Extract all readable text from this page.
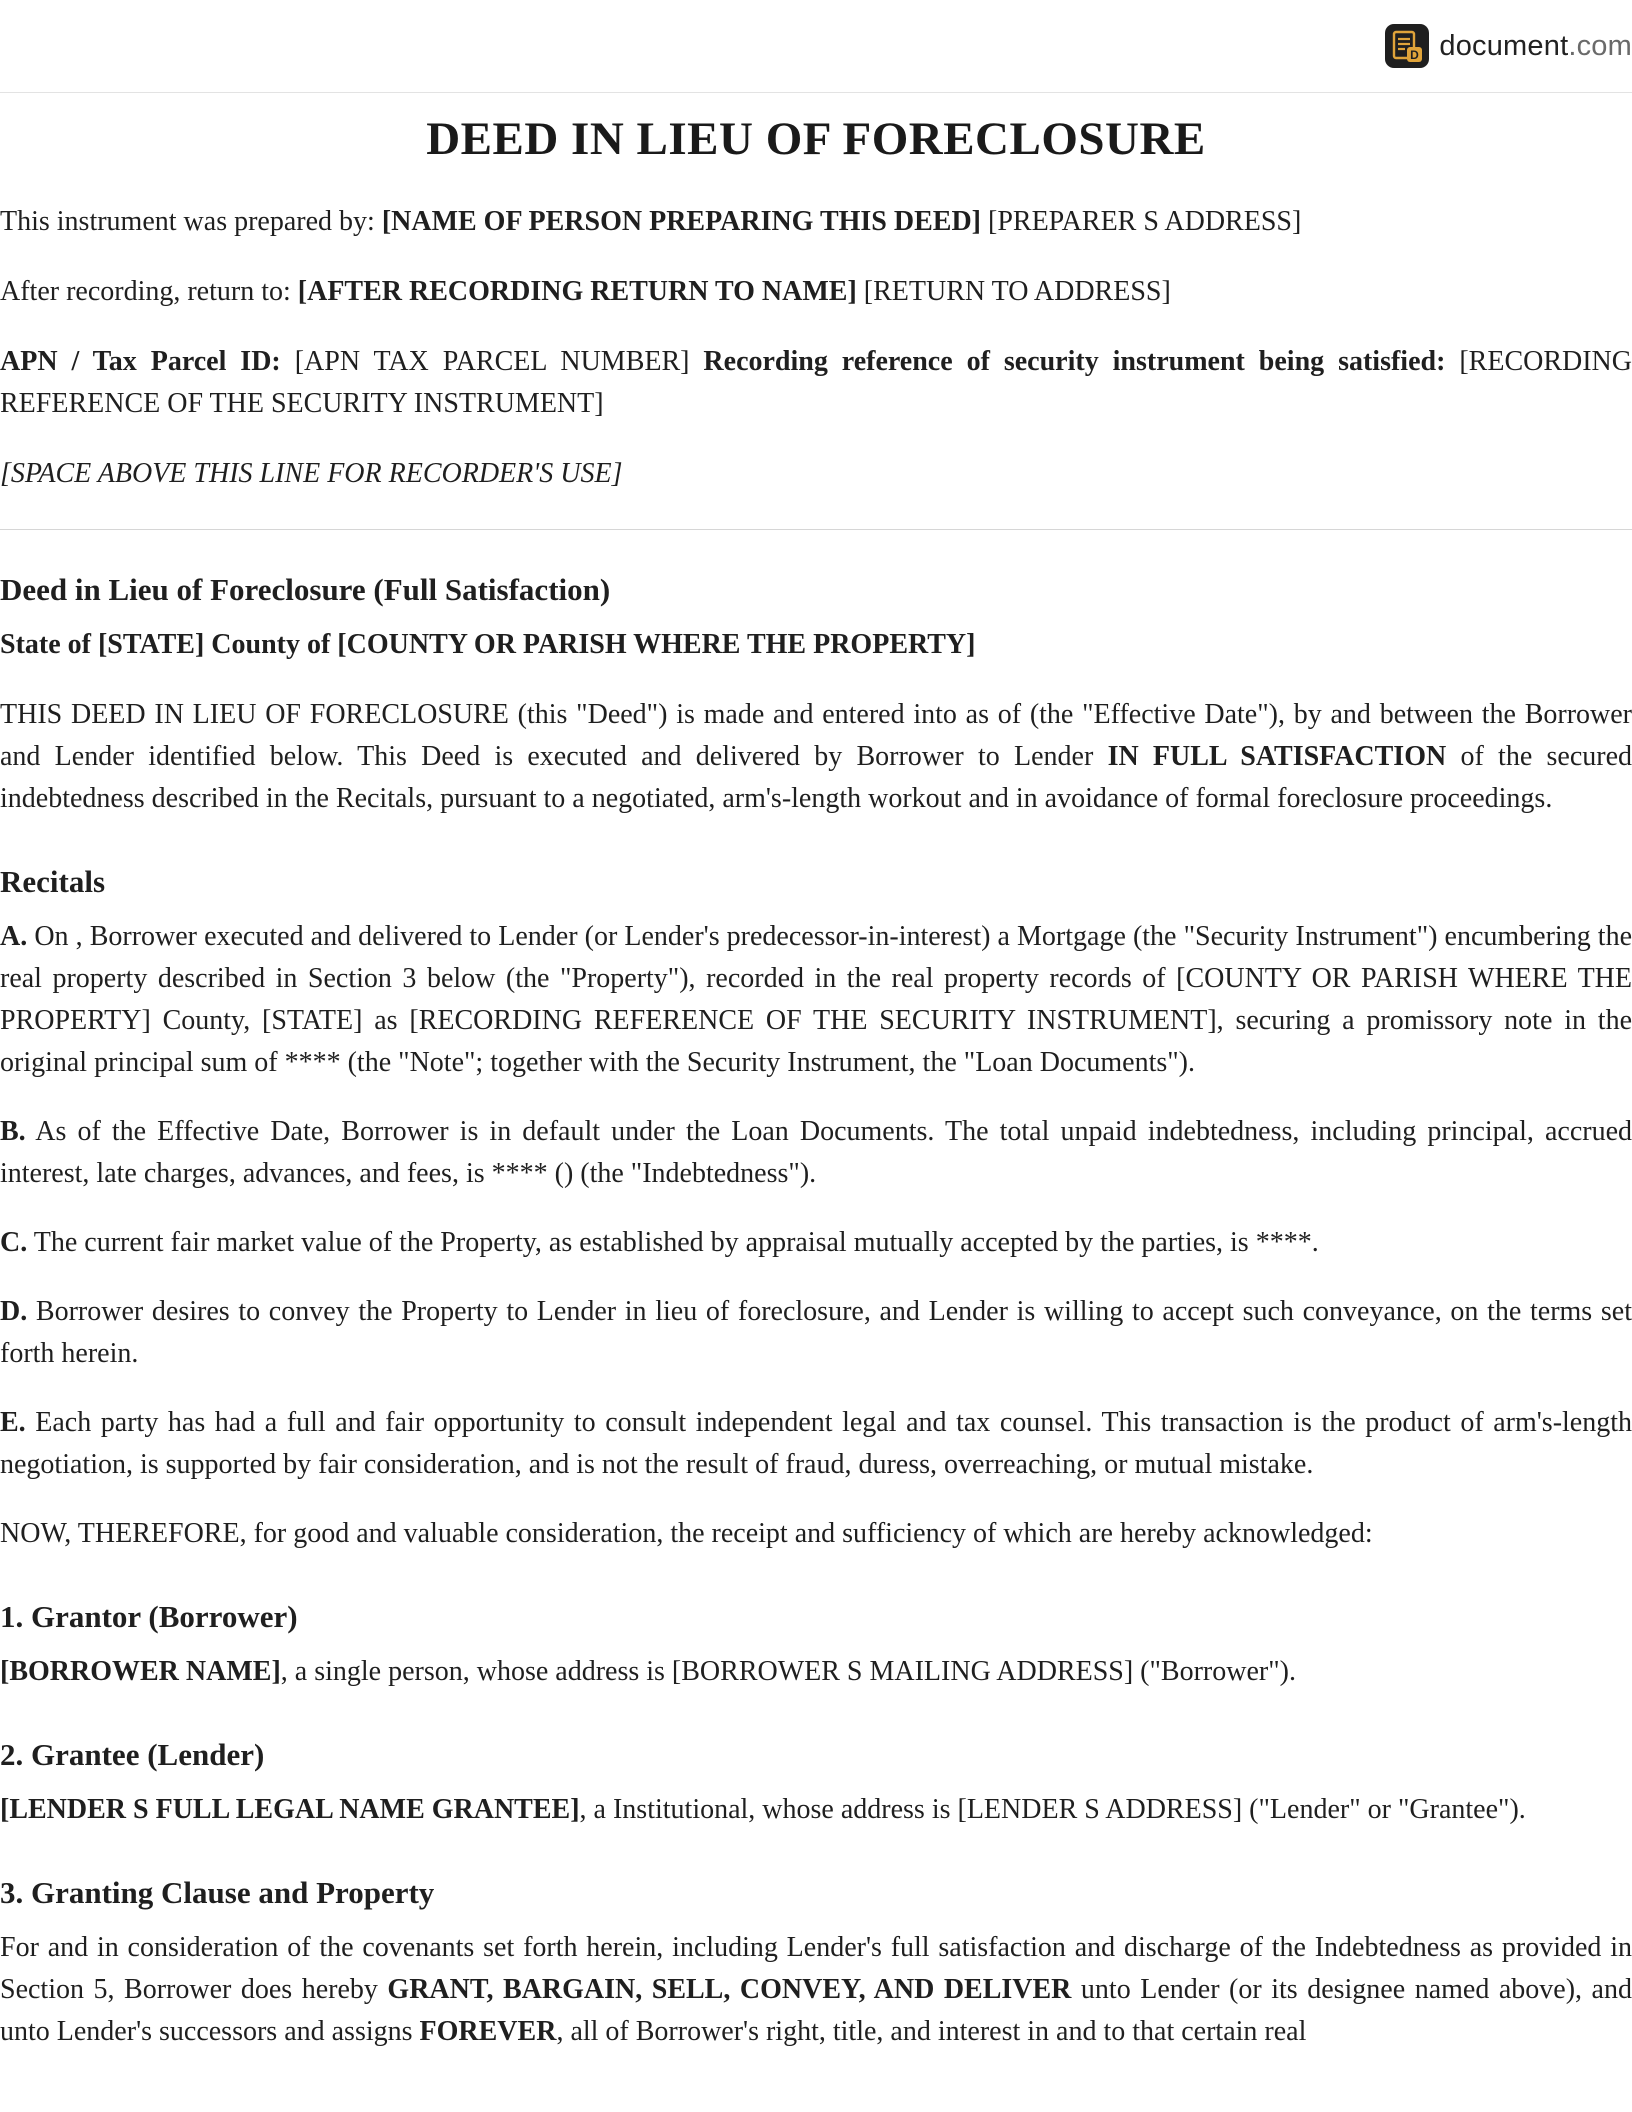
D document.com
DEED IN LIEU OF FORECLOSURE

This instrument was prepared by: [NAME OF PERSON PREPARING THIS DEED] [PREPARER S ADDRESS]

After recording, return to: [AFTER RECORDING RETURN TO NAME] [RETURN TO ADDRESS]

APN / Tax Parcel ID: [APN TAX PARCEL NUMBER] Recording reference of security instrument being satisfied: [RECORDING REFERENCE OF THE SECURITY INSTRUMENT]

[SPACE ABOVE THIS LINE FOR RECORDER'S USE]

Deed in Lieu of Foreclosure (Full Satisfaction)
State of [STATE] County of [COUNTY OR PARISH WHERE THE PROPERTY]

THIS DEED IN LIEU OF FORECLOSURE (this "Deed") is made and entered into as of (the "Effective Date"), by and between the Borrower and Lender identified below. This Deed is executed and delivered by Borrower to Lender IN FULL SATISFACTION of the secured indebtedness described in the Recitals, pursuant to a negotiated, arm's-length workout and in avoidance of formal foreclosure proceedings.

Recitals

A. On , Borrower executed and delivered to Lender (or Lender's predecessor-in-interest) a Mortgage (the "Security Instrument") encumbering the real property described in Section 3 below (the "Property"), recorded in the real property records of [COUNTY OR PARISH WHERE THE PROPERTY] County, [STATE] as [RECORDING REFERENCE OF THE SECURITY INSTRUMENT], securing a promissory note in the original principal sum of **** (the "Note"; together with the Security Instrument, the "Loan Documents").

B. As of the Effective Date, Borrower is in default under the Loan Documents. The total unpaid indebtedness, including principal, accrued interest, late charges, advances, and fees, is **** () (the "Indebtedness").

C. The current fair market value of the Property, as established by appraisal mutually accepted by the parties, is ****.

D. Borrower desires to convey the Property to Lender in lieu of foreclosure, and Lender is willing to accept such conveyance, on the terms set forth herein.

E. Each party has had a full and fair opportunity to consult independent legal and tax counsel. This transaction is the product of arm's-length negotiation, is supported by fair consideration, and is not the result of fraud, duress, overreaching, or mutual mistake.

NOW, THEREFORE, for good and valuable consideration, the receipt and sufficiency of which are hereby acknowledged:

1. Grantor (Borrower)

[BORROWER NAME], a single person, whose address is [BORROWER S MAILING ADDRESS] ("Borrower").

2. Grantee (Lender)

[LENDER S FULL LEGAL NAME GRANTEE], a Institutional, whose address is [LENDER S ADDRESS] ("Lender" or "Grantee").

3. Granting Clause and Property

For and in consideration of the covenants set forth herein, including Lender's full satisfaction and discharge of the Indebtedness as provided in Section 5, Borrower does hereby GRANT, BARGAIN, SELL, CONVEY, AND DELIVER unto Lender (or its designee named above), and unto Lender's successors and assigns FOREVER, all of Borrower's right, title, and interest in and to that certain real
